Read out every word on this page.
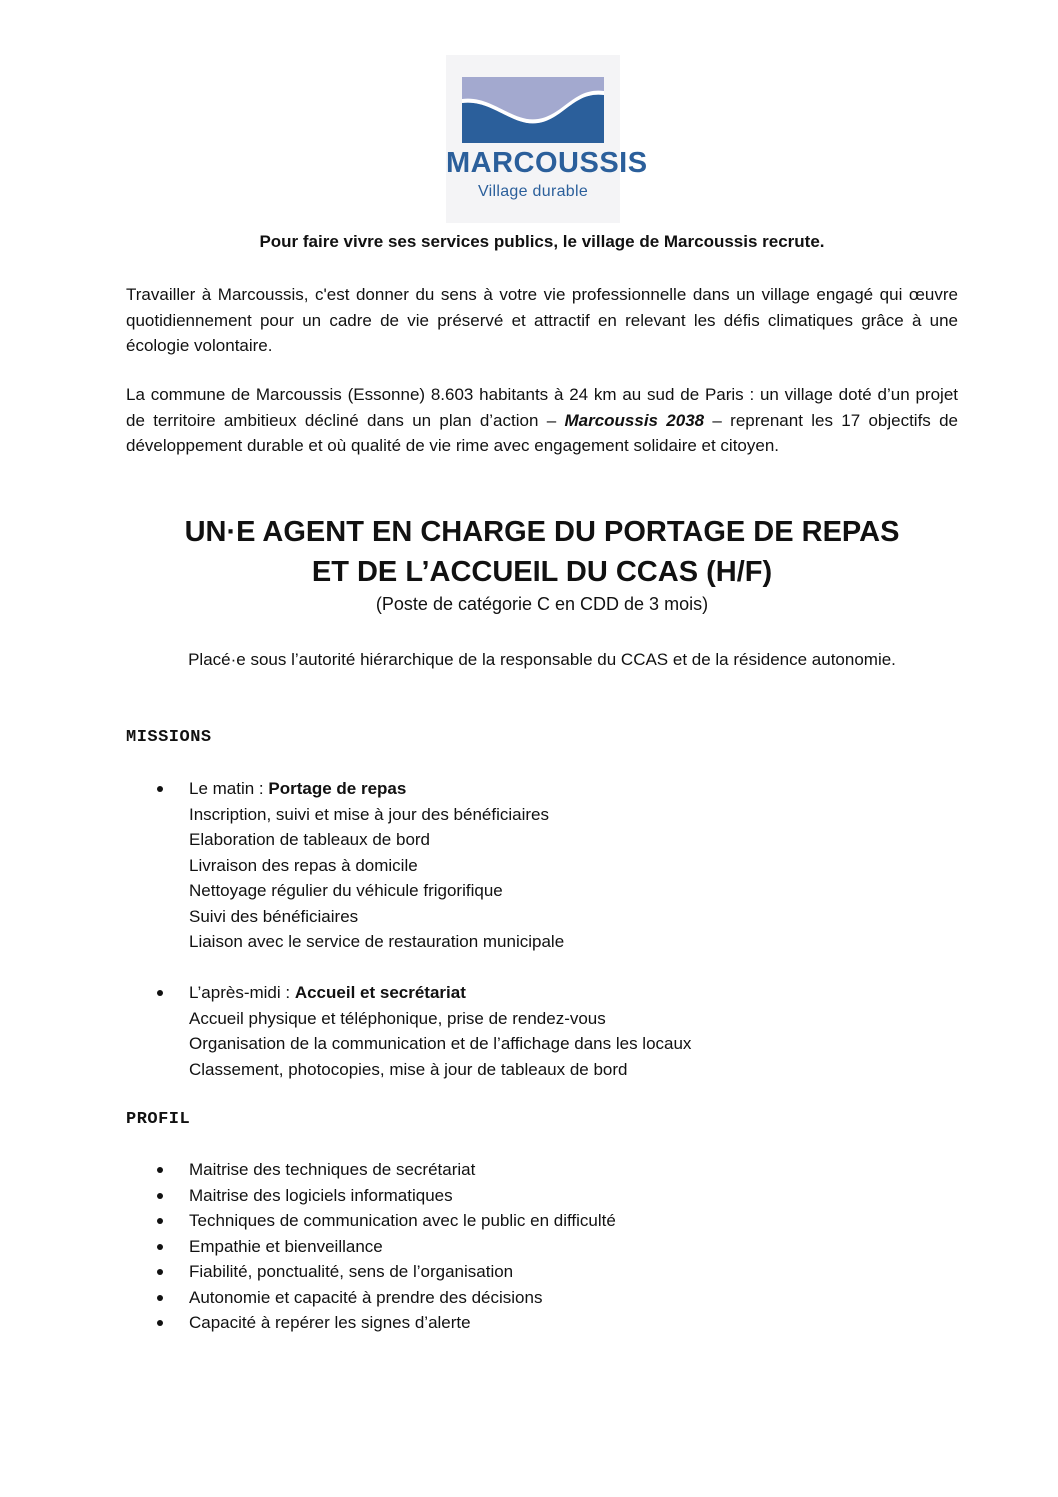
MARCOUSSIS
Village durable
Pour faire vivre ses services publics, le village de Marcoussis recrute.

Travailler à Marcoussis, c'est donner du sens à votre vie professionnelle dans un village engagé qui œuvre quotidiennement pour un cadre de vie préservé et attractif en relevant les défis climatiques grâce à une écologie volontaire.

La commune de Marcoussis (Essonne) 8.603 habitants à 24 km au sud de Paris : un village doté d’un projet de territoire ambitieux décliné dans un plan d’action – Marcoussis 2038 – reprenant les 17 objectifs de développement durable et où qualité de vie rime avec engagement solidaire et citoyen.

UN·E AGENT EN CHARGE DU PORTAGE DE REPAS
ET DE L’ACCUEIL DU CCAS (H/F)
(Poste de catégorie C en CDD de 3 mois)
Placé·e sous l’autorité hiérarchique de la responsable du CCAS et de la résidence autonomie.
MISSIONS
Le matin : Portage de repas
Inscription, suivi et mise à jour des bénéficiaires
Elaboration de tableaux de bord
Livraison des repas à domicile
Nettoyage régulier du véhicule frigorifique
Suivi des bénéficiaires
Liaison avec le service de restauration municipale
L’après-midi : Accueil et secrétariat
Accueil physique et téléphonique, prise de rendez-vous
Organisation de la communication et de l’affichage dans les locaux
Classement, photocopies, mise à jour de tableaux de bord
PROFIL
Maitrise des techniques de secrétariat
Maitrise des logiciels informatiques
Techniques de communication avec le public en difficulté
Empathie et bienveillance
Fiabilité, ponctualité, sens de l’organisation
Autonomie et capacité à prendre des décisions
Capacité à repérer les signes d’alerte
